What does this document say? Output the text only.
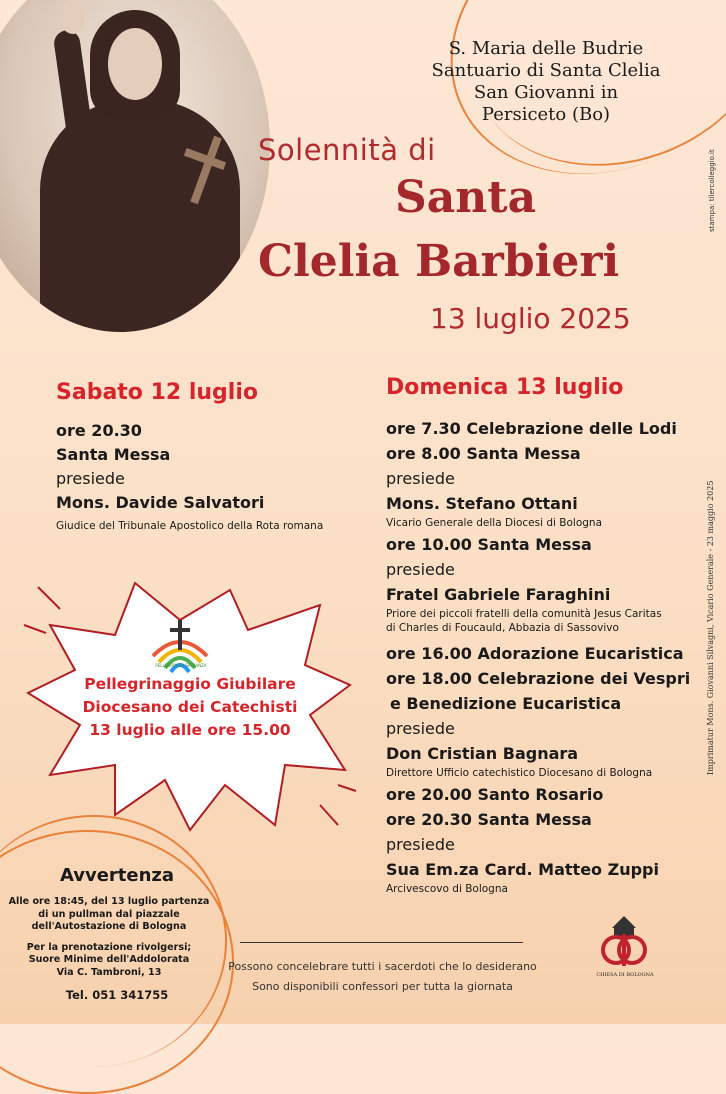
S. Maria delle Budrie
Santuario di Santa Clelia
San Giovanni in
Persiceto (Bo)
Solennità di
Santa
Clelia Barbieri
13 luglio 2025
Sabato 12 luglio
ore 20.30
Santa Messa
presiede
Mons. Davide Salvatori
Giudice del Tribunale Apostolico della Rota romana
Domenica 13 luglio
ore 7.30 Celebrazione delle Lodi
ore 8.00 Santa Messa
presiede
Mons. Stefano Ottani
Vicario Generale della Diocesi di Bologna
ore 10.00 Santa Messa
presiede
Fratel Gabriele Faraghini
Priore dei piccoli fratelli della comunità Jesus Caritas
di Charles di Foucauld, Abbazia di Sassovivo
ore 16.00 Adorazione Eucaristica
ore 18.00 Celebrazione dei Vespri
e Benedizione Eucaristica
presiede
Don Cristian Bagnara
Direttore Ufficio catechistico Diocesano di Bologna
ore 20.00 Santo Rosario
ore 20.30 Santa Messa
presiede
Sua Em.za Card. Matteo Zuppi
Arcivescovo di Bologna
PELLEGRINI DI SPERANZA
Pellegrinaggio Giubilare
Diocesano dei Catechisti
13 luglio alle ore 15.00
Avvertenza
Alle ore 18:45, del 13 luglio partenza
di un pullman dal piazzale
dell'Autostazione di Bologna
Per la prenotazione rivolgersi;
Suore Minime dell'Addolorata
Via C. Tambroni, 13
Tel. 051 341755
Possono concelebrare tutti i sacerdoti che lo desiderano
Sono disponibili confessori per tutta la giornata
CHIESA DI BOLOGNA
Imprimatur Mons. Giovanni Silvagni, Vicario Generale - 23 maggio 2025
stampa: tilercolleggio.it
